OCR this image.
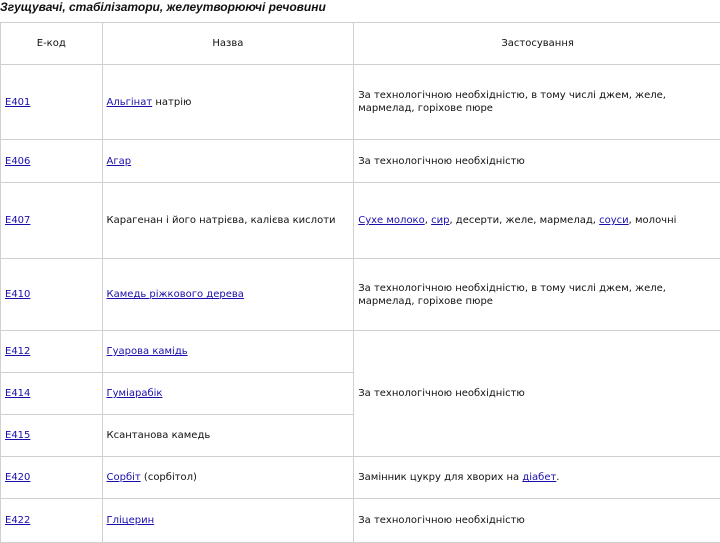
Згущувачі, стабілізатори, желеутворюючі речовини
Е-код	Назва	Застосування
E401	Альгінат натрію	За технологічною необхідністю, в тому числі джем, желе, мармелад, горіхове пюре
E406	Агар	За технологічною необхідністю
E407	Карагенан і його натрієва, калієва кислоти	Сухе молоко, сир, десерти, желе, мармелад, соуси, молочні
E410	Камедь ріжкового дерева	За технологічною необхідністю, в тому числі джем, желе, мармелад, горіхове пюре
E412	Гуарова камідь	За технологічною необхідністю
E414	Гуміарабік	
E415	Ксантанова камедь	
E420	Сорбіт (сорбітол)	Замінник цукру для хворих на діабет.
E422	Гліцерин	За технологічною необхідністю
